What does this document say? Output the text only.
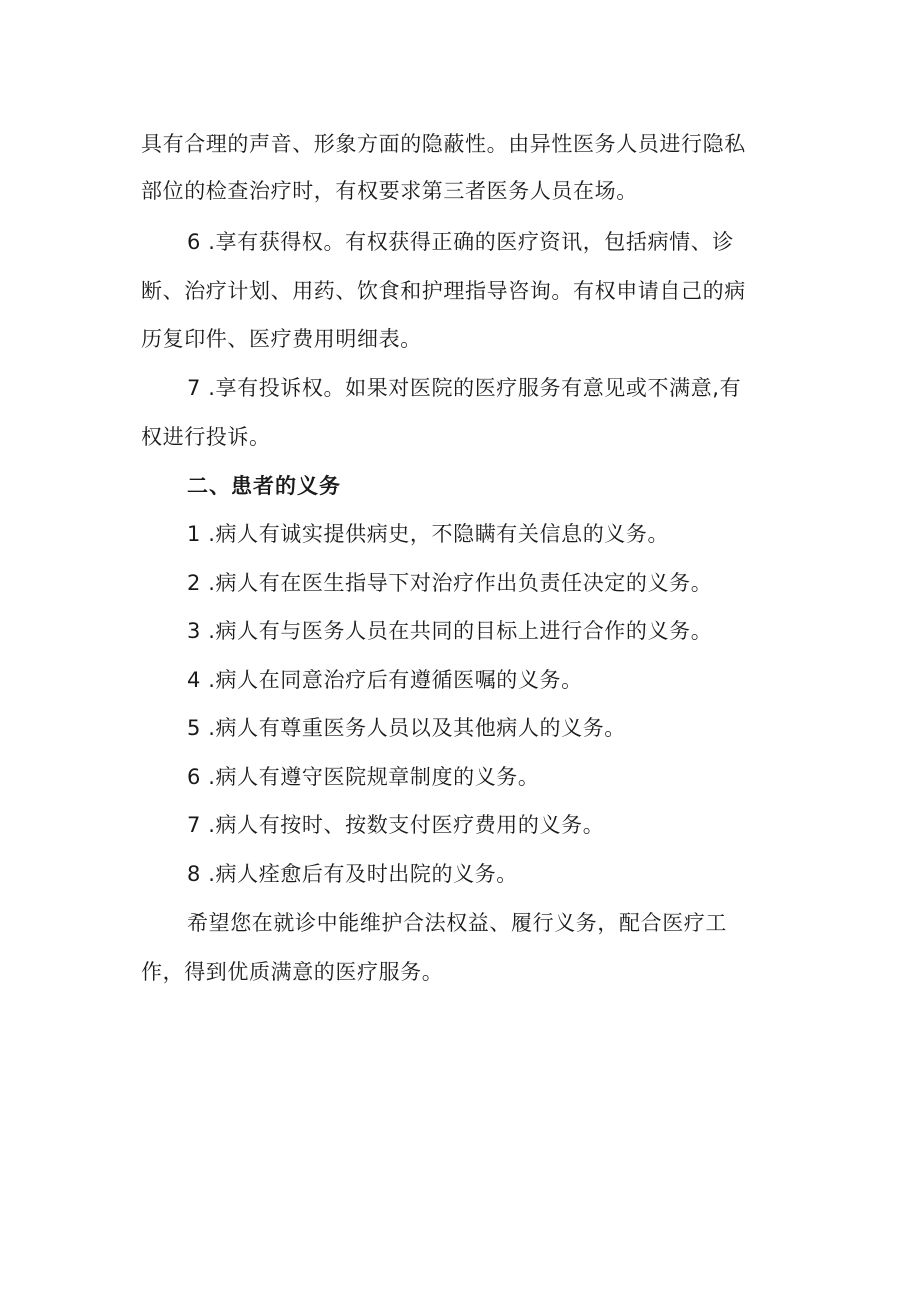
具有合理的声音、形象方面的隐蔽性。由异性医务人员进行隐私
部位的检查治疗时，有权要求第三者医务人员在场。
6 .享有获得权。有权获得正确的医疗资讯，包括病情、诊
断、治疗计划、用药、饮食和护理指导咨询。有权申请自己的病
历复印件、医疗费用明细表。
7 .享有投诉权。如果对医院的医疗服务有意见或不满意,有
权进行投诉。
二、患者的义务
1 .病人有诚实提供病史，不隐瞒有关信息的义务。
2 .病人有在医生指导下对治疗作出负责任决定的义务。
3 .病人有与医务人员在共同的目标上进行合作的义务。
4 .病人在同意治疗后有遵循医嘱的义务。
5 .病人有尊重医务人员以及其他病人的义务。
6 .病人有遵守医院规章制度的义务。
7 .病人有按时、按数支付医疗费用的义务。
8 .病人痊愈后有及时出院的义务。
希望您在就诊中能维护合法权益、履行义务，配合医疗工
作，得到优质满意的医疗服务。
